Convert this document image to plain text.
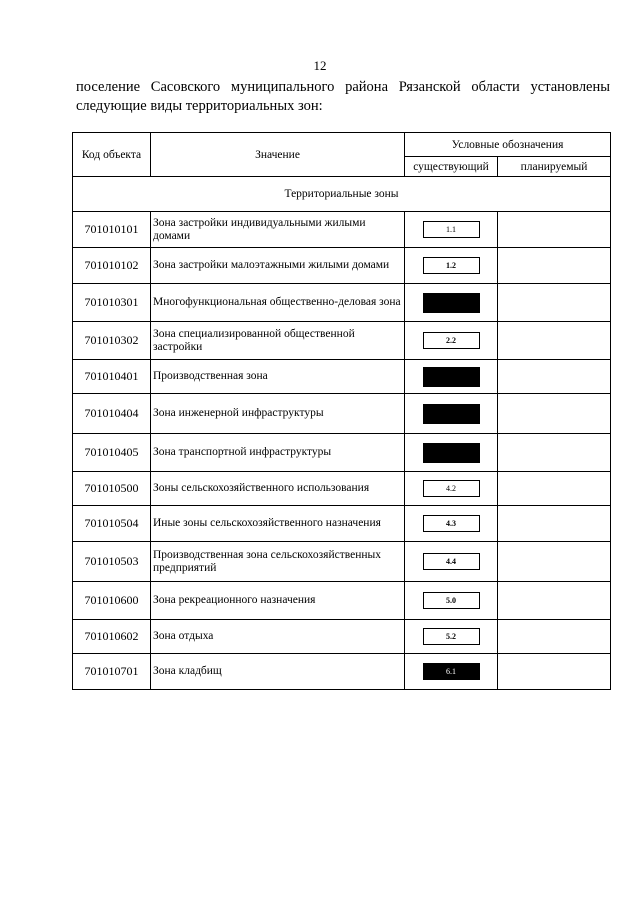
12
поселение Сасовского муниципального района Рязанской области установлены
следующие виды территориальных зон:
Код объекта	Значение	Условные обозначения	
		существующий	планируемый
Территориальные зоны			
701010101	Зона застройки индивидуальными жилыми домами	1.1	
701010102	Зона застройки малоэтажными жилыми домами	1.2	
701010301	Многофункциональная общественно-деловая зона		
701010302	Зона специализированной общественной застройки	2.2	
701010401	Производственная зона		
701010404	Зона инженерной инфраструктуры		
701010405	Зона транспортной инфраструктуры		
701010500	Зоны сельскохозяйственного использования	4.2	
701010504	Иные зоны сельскохозяйственного назначения	4.3	
701010503	Производственная зона сельскохозяйственных предприятий	4.4	
701010600	Зона рекреационного назначения	5.0	
701010602	Зона отдыха	5.2	
701010701	Зона кладбищ	6.1	
